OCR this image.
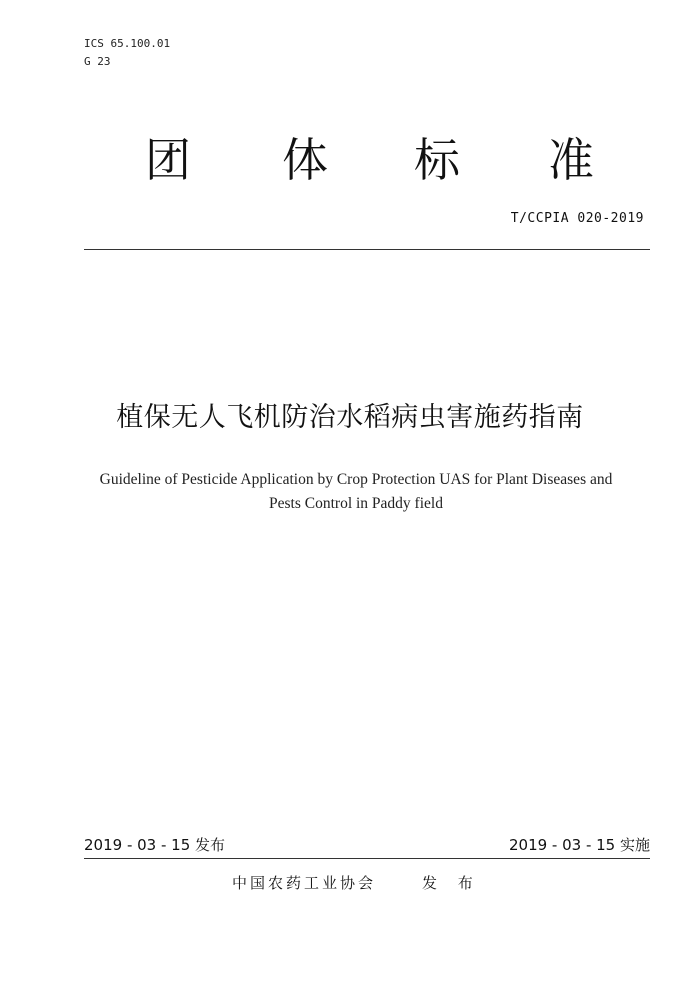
ICS 65.100.01
G 23
团 体 标 准
T/CCPIA 020-2019
植保无人飞机防治水稻病虫害施药指南
Guideline of Pesticide Application by Crop Protection UAS for Plant Diseases and
Pests Control in Paddy field
2019 - 03 - 15 发布	2019 - 03 - 15 实施
中国农药工业协会	发 布
